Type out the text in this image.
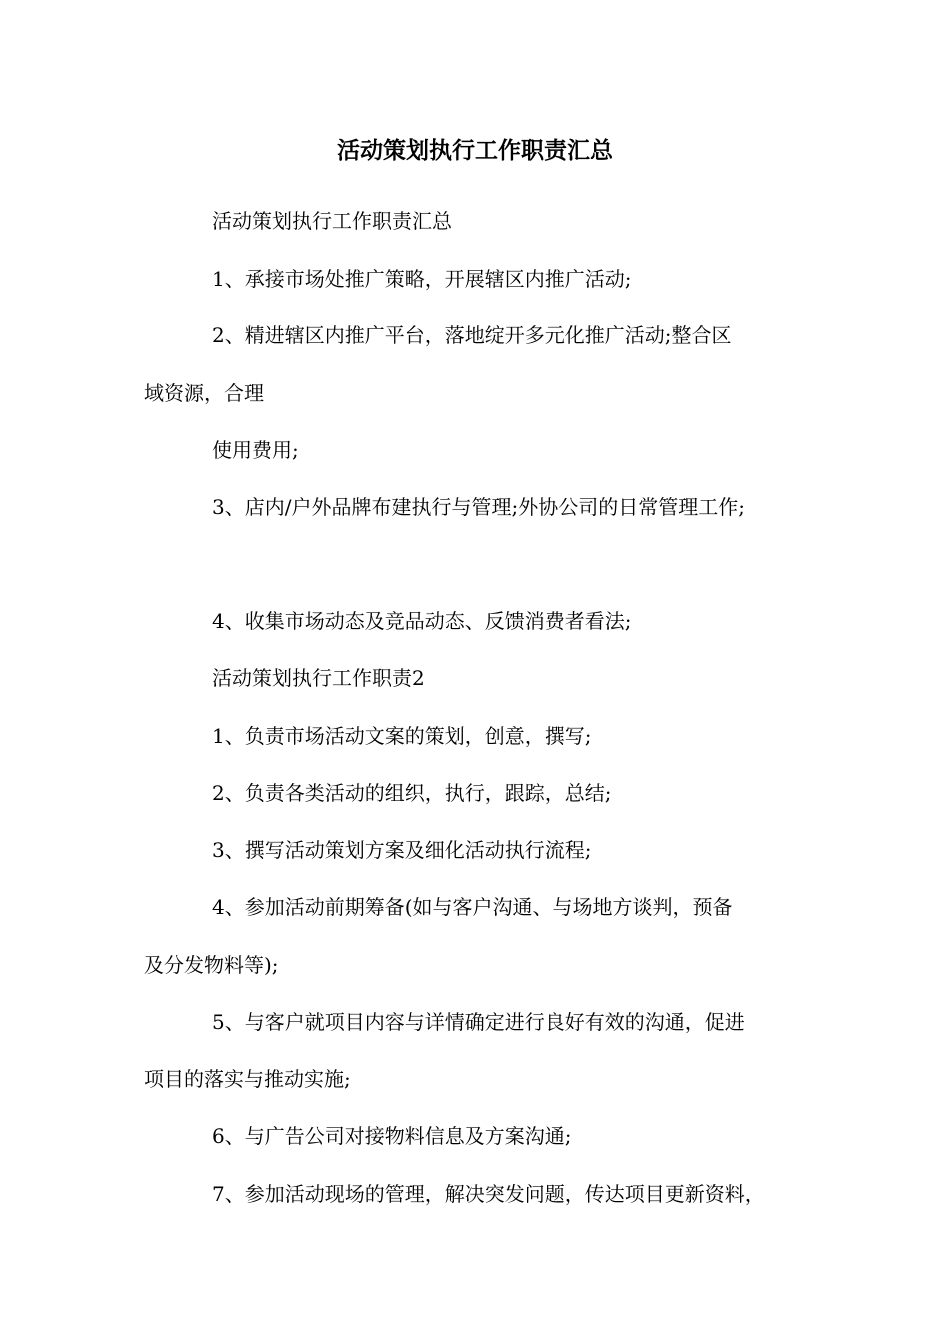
活动策划执行工作职责汇总
活动策划执行工作职责汇总
1、承接市场处推广策略，开展辖区内推广活动;
2、精进辖区内推广平台，落地绽开多元化推广活动;整合区
域资源，合理
使用费用;
3、店内/户外品牌布建执行与管理;外协公司的日常管理工作;
4、收集市场动态及竞品动态、反馈消费者看法;
活动策划执行工作职责2
1、负责市场活动文案的策划，创意，撰写;
2、负责各类活动的组织，执行，跟踪，总结;
3、撰写活动策划方案及细化活动执行流程;
4、参加活动前期筹备(如与客户沟通、与场地方谈判，预备
及分发物料等);
5、与客户就项目内容与详情确定进行良好有效的沟通，促进
项目的落实与推动实施;
6、与广告公司对接物料信息及方案沟通;
7、参加活动现场的管理，解决突发问题，传达项目更新资料，
